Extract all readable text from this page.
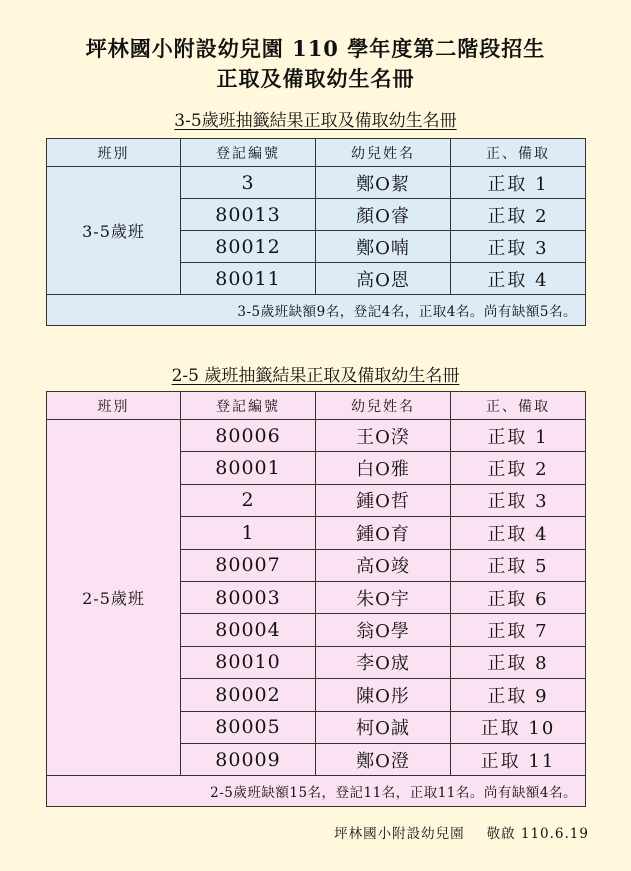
坪林國小附設幼兒園 110 學年度第二階段招生
正取及備取幼生名冊
3-5歲班抽籤結果正取及備取幼生名冊
班別	登記編號	幼兒姓名	正、備取
3-5歲班	3	鄭O絜	正取 1
	80013	顏O睿	正取 2
	80012	鄭O喃	正取 3
	80011	高O恩	正取 4
3-5歲班缺額9名，登記4名，正取4名。尚有缺額5名。			
2-5 歲班抽籤結果正取及備取幼生名冊
班別	登記編號	幼兒姓名	正、備取
2-5歲班	80006	王O湀	正取 1
	80001	白O雅	正取 2
	2	鍾O哲	正取 3
	1	鍾O育	正取 4
	80007	高O竣	正取 5
	80003	朱O宇	正取 6
	80004	翁O學	正取 7
	80010	李O宬	正取 8
	80002	陳O彤	正取 9
	80005	柯O誠	正取 10
	80009	鄭O澄	正取 11
2-5歲班缺額15名，登記11名，正取11名。尚有缺額4名。			
坪林國小附設幼兒園 敬啟 110.6.19
